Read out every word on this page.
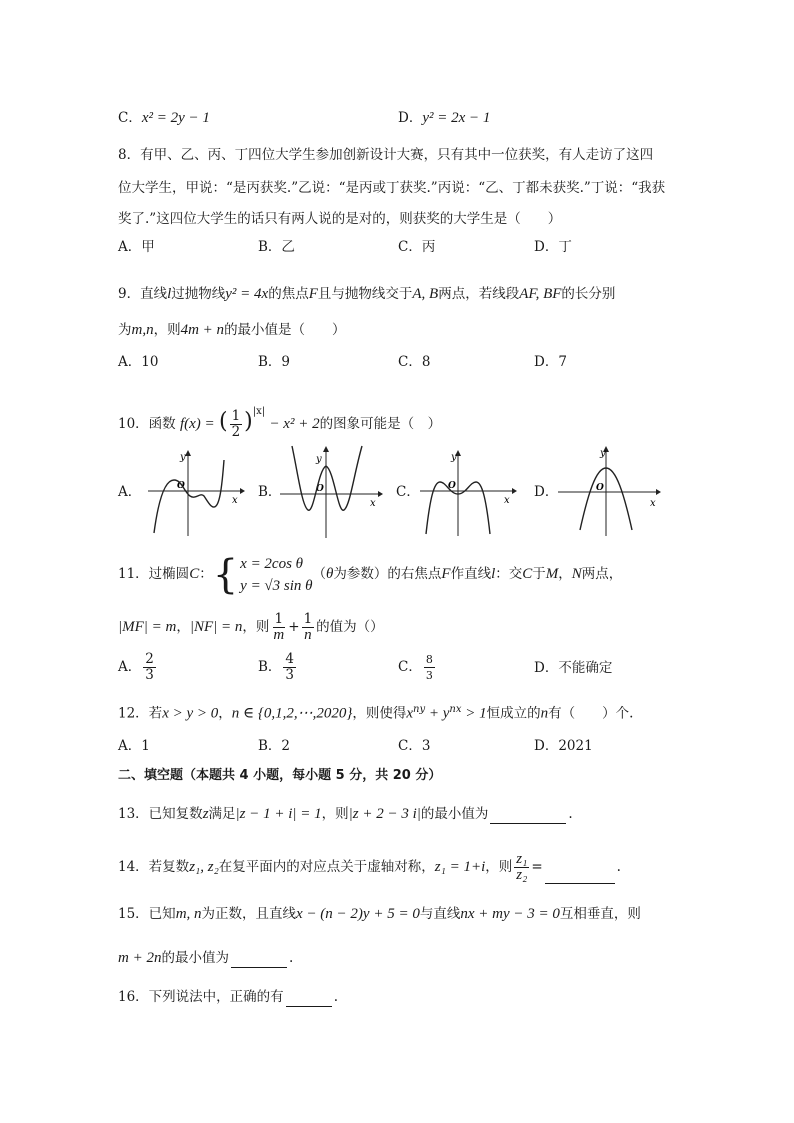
C．x² = 2y − 1	D．y² = 2x − 1
8．有甲、乙、丙、丁四位大学生参加创新设计大赛，只有其中一位获奖，有人走访了这四
位大学生，甲说：“是丙获奖.”乙说：“是丙或丁获奖.”丙说：“乙、丁都未获奖.”丁说：“我获
奖了.”这四位大学生的话只有两人说的是对的，则获奖的大学生是（　　）
A．甲	B．乙	C．丙	D．丁
9．直线l过抛物线y² = 4x的焦点F且与抛物线交于A, B两点，若线段AF, BF的长分别
为m,n，则4m + n的最小值是（　　）
A．10	B．9	C．8	D．7
10．函数 f(x) = ( $\frac{1}{2} )^{|x|} - x^2 + 2$的图象可能是（　）
A．	B．	C．	D．
y
x
O
y
x
O
y
x
O
y
x
O
11．过椭圆C： { x = 2cos θ
y = √3 sin θ
（θ为参数）的右焦点F作直线l：交C于M，N两点，
|MF| = m，|NF| = n，则 $\frac{1}{m} + \frac{1}{n}$ 的值为（）
A． $\frac{2}{3}$	B． $\frac{4}{3}$	C． $\frac{8}{3}$	D．不能确定
12．若x > y > 0，n ∈ {0,1,2,⋯,2020}，则使得$x^{ny} + y^{nx} > 1$恒成立的n有（　　）个.
A．1	B．2	C．3	D．2021
二、填空题（本题共 4 小题，每小题 5 分，共 20 分）
13．已知复数z满足|z − 1 + i| = 1，则|z + 2 − 3 i|的最小值为	.
14．若复数z₁, z₂在复平面内的对应点关于虚轴对称，z₁ = 1+i，则 $\frac{\text{z₁}}{\text{z₂}}$ =	.
15．已知m, n为正数，且直线x − (n − 2)y + 5 = 0与直线nx + my − 3 = 0互相垂直，则
m + 2n的最小值为	.
16．下列说法中，正确的有	.
